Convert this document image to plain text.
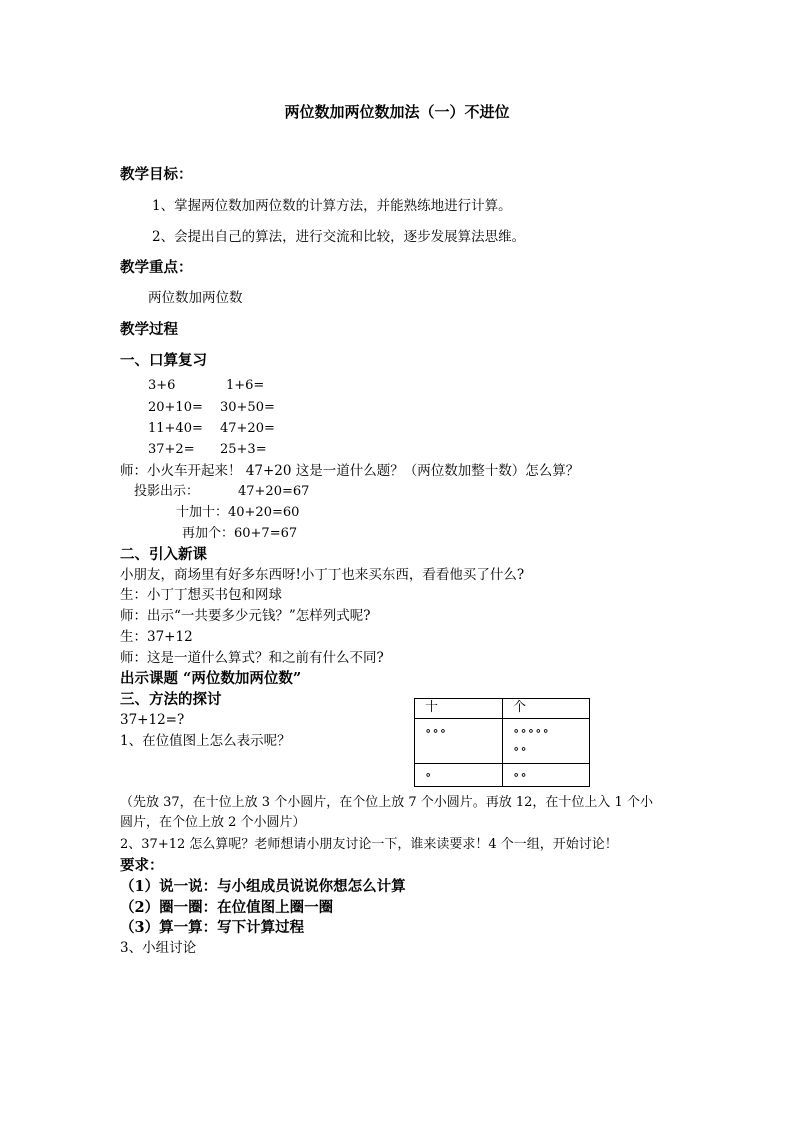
两位数加两位数加法（一）不进位
教学目标：
1、掌握两位数加两位数的计算方法，并能熟练地进行计算。
2、会提出自己的算法，进行交流和比较，逐步发展算法思维。
教学重点：
两位数加两位数
教学过程
一、口算复习
3+6	1+6=
20+10= 30+50=
11+40= 47+20=
37+2= 25+3=
师：小火车开起来！ 47+20 这是一道什么题？（两位数加整十数）怎么算？
投影出示：	47+20=67
十加十：40+20=60
再加个：60+7=67
二、引入新课
小朋友，商场里有好多东西呀!小丁丁也来买东西，看看他买了什么?
生：小丁丁想买书包和网球
师：出示“一共要多少元钱？”怎样列式呢?
生：37+12
师：这是一道什么算式？和之前有什么不同?
出示课题 “两位数加两位数”
三、方法的探讨
37+12=?
1、在位值图上怎么表示呢？
十	个
∘∘∘	∘∘∘∘∘
∘∘

∘	∘∘
（先放 37，在十位上放 3 个小圆片，在个位上放 7 个小圆片。再放 12，在十位上入 1 个小
圆片，在个位上放 2 个小圆片）
2、37+12 怎么算呢？老师想请小朋友讨论一下，谁来读要求！4 个一组，开始讨论！
要求：
（1）说一说：与小组成员说说你想怎么计算
（2）圈一圈：在位值图上圈一圈
（3）算一算：写下计算过程
3、小组讨论
